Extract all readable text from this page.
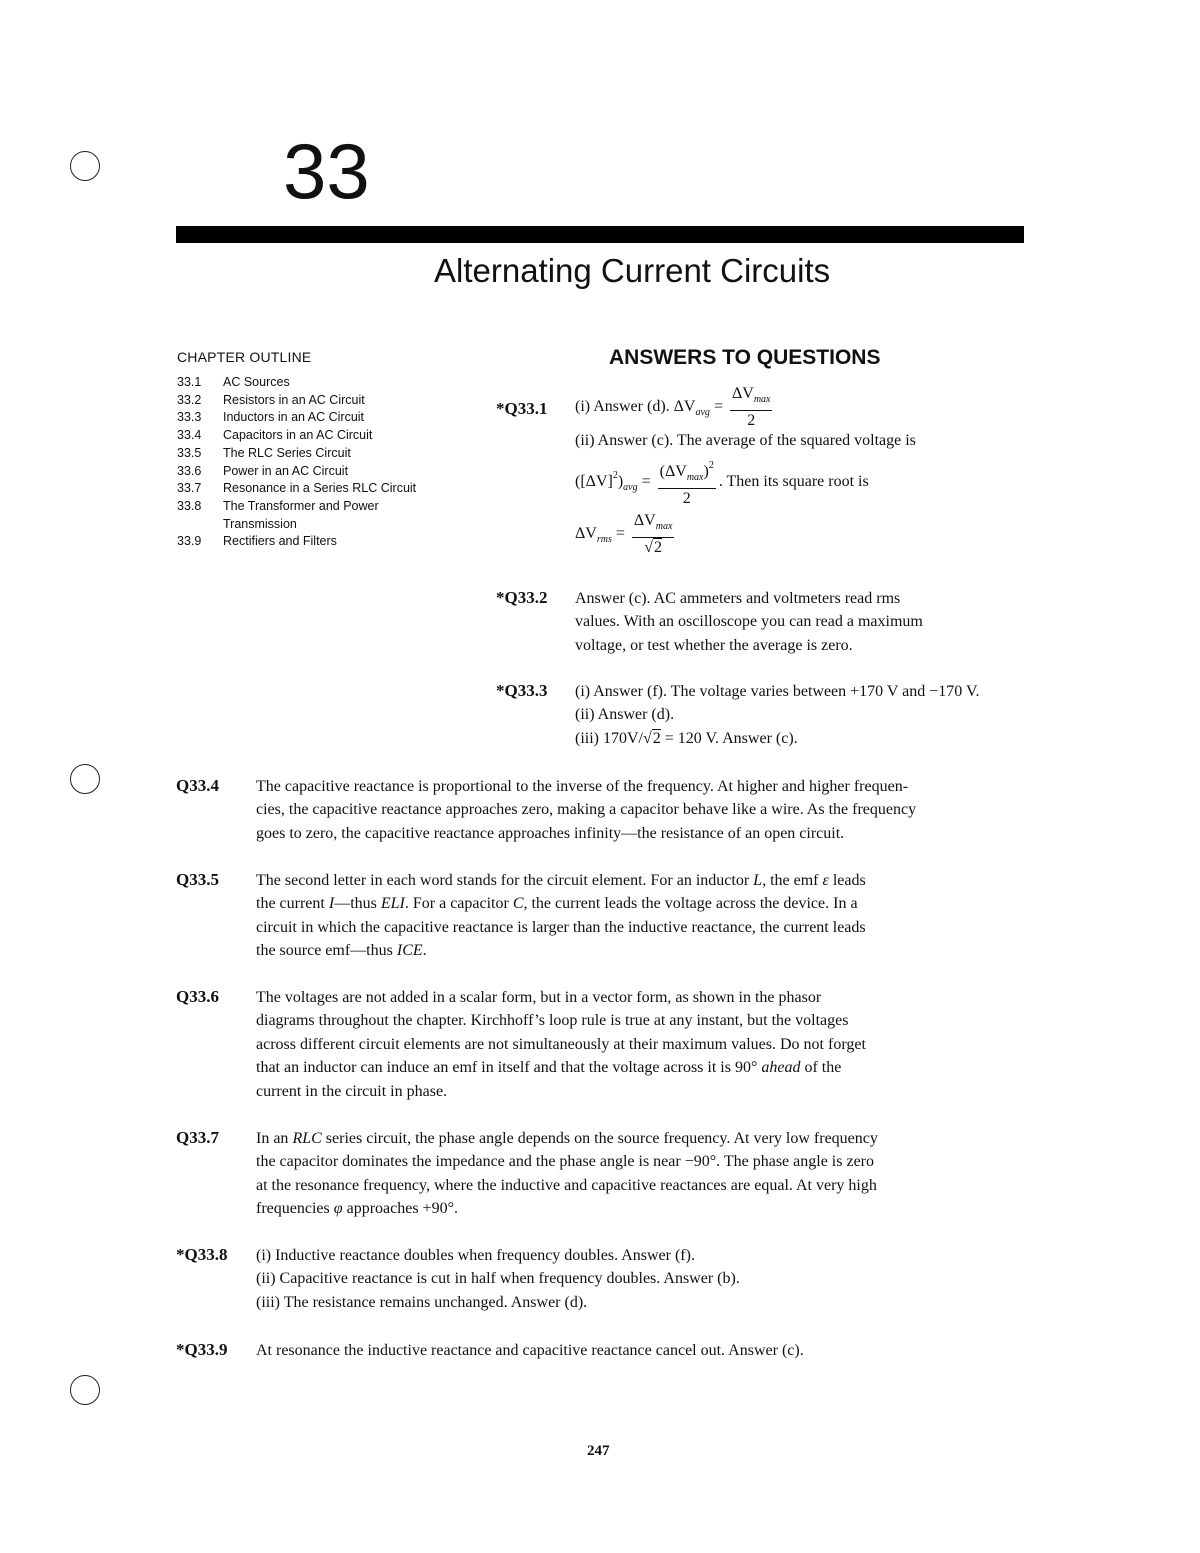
33
Alternating Current Circuits
CHAPTER OUTLINE
33.1	AC Sources
33.2	Resistors in an AC Circuit
33.3	Inductors in an AC Circuit
33.4	Capacitors in an AC Circuit
33.5	The RLC Series Circuit
33.6	Power in an AC Circuit
33.7	Resonance in a Series RLC Circuit
33.8	The Transformer and Power Transmission
33.9	Rectifiers and Filters
ANSWERS TO QUESTIONS
*Q33.1 (i) Answer (d). $\Delta V_{avg} = \frac{\Delta V_{max}}{2}$
(ii) Answer (c). The average of the squared voltage is
$([\Delta V]^2)_{avg} = \frac{(\Delta V_{max})^2}{2}$ . Then its square root is
$\Delta V_{rms} = \frac{\Delta V_{max}}{√2}$
*Q33.2 Answer (c). AC ammeters and voltmeters read rms
values. With an oscilloscope you can read a maximum
voltage, or test whether the average is zero.
*Q33.3 (i) Answer (f). The voltage varies between +170 V and −170 V.
(ii) Answer (d).
(iii) 170V/√2 = 120 V. Answer (c).
Q33.4 The capacitive reactance is proportional to the inverse of the frequency. At higher and higher frequen-
cies, the capacitive reactance approaches zero, making a capacitor behave like a wire. As the frequency
goes to zero, the capacitive reactance approaches infinity—the resistance of an open circuit.
Q33.5 The second letter in each word stands for the circuit element. For an inductor L, the emf ε leads
the current I—thus ELI. For a capacitor C, the current leads the voltage across the device. In a
circuit in which the capacitive reactance is larger than the inductive reactance, the current leads
the source emf—thus ICE.
Q33.6 The voltages are not added in a scalar form, but in a vector form, as shown in the phasor
diagrams throughout the chapter. Kirchhoff’s loop rule is true at any instant, but the voltages
across different circuit elements are not simultaneously at their maximum values. Do not forget
that an inductor can induce an emf in itself and that the voltage across it is 90° ahead of the
current in the circuit in phase.
Q33.7 In an RLC series circuit, the phase angle depends on the source frequency. At very low frequency
the capacitor dominates the impedance and the phase angle is near −90°. The phase angle is zero
at the resonance frequency, where the inductive and capacitive reactances are equal. At very high
frequencies φ approaches +90°.
*Q33.8 (i) Inductive reactance doubles when frequency doubles. Answer (f).
(ii) Capacitive reactance is cut in half when frequency doubles. Answer (b).
(iii) The resistance remains unchanged. Answer (d).
*Q33.9 At resonance the inductive reactance and capacitive reactance cancel out. Answer (c).
247
